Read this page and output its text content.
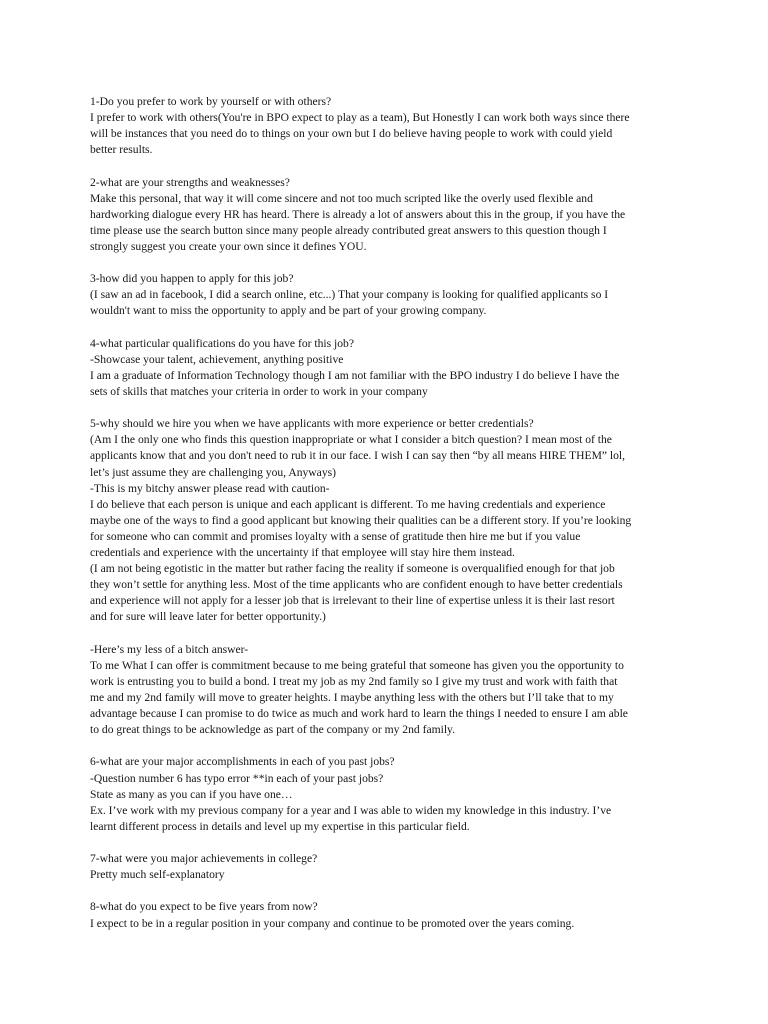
1-Do you prefer to work by yourself or with others?
I prefer to work with others(You're in BPO expect to play as a team), But Honestly I can work both ways since there
will be instances that you need do to things on your own but I do believe having people to work with could yield
better results.
2-what are your strengths and weaknesses?
Make this personal, that way it will come sincere and not too much scripted like the overly used flexible and
hardworking dialogue every HR has heard. There is already a lot of answers about this in the group, if you have the
time please use the search button since many people already contributed great answers to this question though I
strongly suggest you create your own since it defines YOU.
3-how did you happen to apply for this job?
(I saw an ad in facebook, I did a search online, etc...) That your company is looking for qualified applicants so I
wouldn't want to miss the opportunity to apply and be part of your growing company.
4-what particular qualifications do you have for this job?
-Showcase your talent, achievement, anything positive
I am a graduate of Information Technology though I am not familiar with the BPO industry I do believe I have the
sets of skills that matches your criteria in order to work in your company
5-why should we hire you when we have applicants with more experience or better credentials?
(Am I the only one who finds this question inappropriate or what I consider a bitch question? I mean most of the
applicants know that and you don't need to rub it in our face. I wish I can say then “by all means HIRE THEM” lol,
let’s just assume they are challenging you, Anyways)
-This is my bitchy answer please read with caution-
I do believe that each person is unique and each applicant is different. To me having credentials and experience
maybe one of the ways to find a good applicant but knowing their qualities can be a different story. If you’re looking
for someone who can commit and promises loyalty with a sense of gratitude then hire me but if you value
credentials and experience with the uncertainty if that employee will stay hire them instead.
(I am not being egotistic in the matter but rather facing the reality if someone is overqualified enough for that job
they won’t settle for anything less. Most of the time applicants who are confident enough to have better credentials
and experience will not apply for a lesser job that is irrelevant to their line of expertise unless it is their last resort
and for sure will leave later for better opportunity.)
-Here’s my less of a bitch answer-
To me What I can offer is commitment because to me being grateful that someone has given you the opportunity to
work is entrusting you to build a bond. I treat my job as my 2nd family so I give my trust and work with faith that
me and my 2nd family will move to greater heights. I maybe anything less with the others but I’ll take that to my
advantage because I can promise to do twice as much and work hard to learn the things I needed to ensure I am able
to do great things to be acknowledge as part of the company or my 2nd family.
6-what are your major accomplishments in each of you past jobs?
-Question number 6 has typo error **in each of your past jobs?
State as many as you can if you have one…
Ex. I’ve work with my previous company for a year and I was able to widen my knowledge in this industry. I’ve
learnt different process in details and level up my expertise in this particular field.
7-what were you major achievements in college?
Pretty much self-explanatory
8-what do you expect to be five years from now?
I expect to be in a regular position in your company and continue to be promoted over the years coming.
